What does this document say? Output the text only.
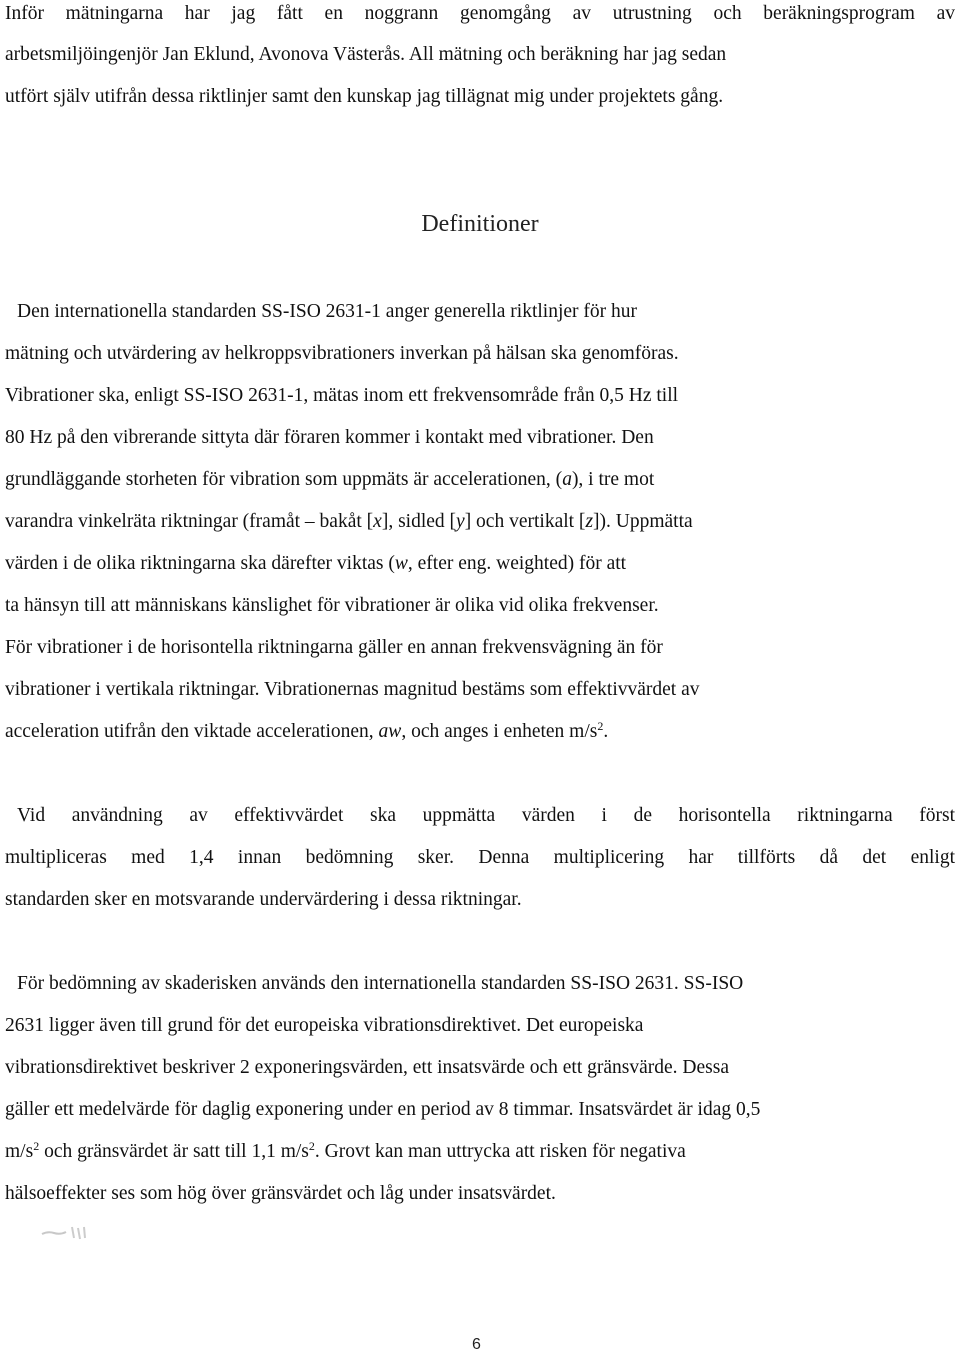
Inför mätningarna har jag fått en noggrann genomgång av utrustning och beräkningsprogram av
arbetsmiljöingenjör Jan Eklund, Avonova Västerås. All mätning och beräkning har jag sedan
utfört själv utifrån dessa riktlinjer samt den kunskap jag tillägnat mig under projektets gång.
Definitioner
Den internationella standarden SS-ISO 2631-1 anger generella riktlinjer för hur
mätning och utvärdering av helkroppsvibrationers inverkan på hälsan ska genomföras.
Vibrationer ska, enligt SS-ISO 2631-1, mätas inom ett frekvensområde från 0,5 Hz till
80 Hz på den vibrerande sittyta där föraren kommer i kontakt med vibrationer. Den
grundläggande storheten för vibration som uppmäts är accelerationen, (a), i tre mot
varandra vinkelräta riktningar (framåt – bakåt [x], sidled [y] och vertikalt [z]). Uppmätta
värden i de olika riktningarna ska därefter viktas (w, efter eng. weighted) för att
ta hänsyn till att människans känslighet för vibrationer är olika vid olika frekvenser.
För vibrationer i de horisontella riktningarna gäller en annan frekvensvägning än för
vibrationer i vertikala riktningar. Vibrationernas magnitud bestäms som effektivvärdet av
acceleration utifrån den viktade accelerationen, aw, och anges i enheten $m/s^2$.
Vid användning av effektivvärdet ska uppmätta värden i de horisontella riktningarna först
multipliceras med 1,4 innan bedömning sker. Denna multiplicering har tillförts då det enligt
standarden sker en motsvarande undervärdering i dessa riktningar.
För bedömning av skaderisken används den internationella standarden SS-ISO 2631. SS-ISO
2631 ligger även till grund för det europeiska vibrationsdirektivet. Det europeiska
vibrationsdirektivet beskriver 2 exponeringsvärden, ett insatsvärde och ett gränsvärde. Dessa
gäller ett medelvärde för daglig exponering under en period av 8 timmar. Insatsvärdet är idag 0,5
$m/s^2$ och gränsvärdet är satt till 1,1 $m/s^2$. Grovt kan man uttrycka att risken för negativa
hälsoeffekter ses som hög över gränsvärdet och låg under insatsvärdet.
6
